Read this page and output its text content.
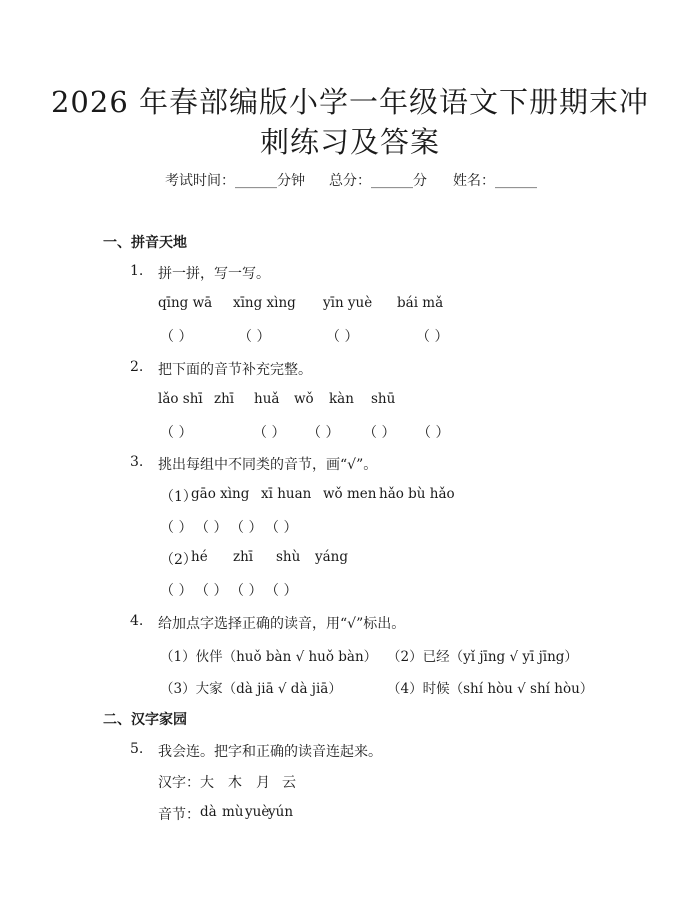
2026 年春部编版小学一年级语文下册期末冲
刺练习及答案
考试时间：______分钟 总分：______分 姓名：______
一、拼音天地
1. 拼一拼，写一写。
qīng wā xīng xìng yīn yuè bái mǎ
（ ）	（ ）	（ ）	（ ）
2. 把下面的音节补充完整。
lǎo shī zhī huǎ wǒ kàn shū
（ ）	（ ） （ ） （ ） （ ）
3. 挑出每组中不同类的音节，画“√”。
（1）
gāo xìng xī huan wǒ men hǎo bù hǎo
（ ） （ ） （ ） （ ）
（2）
hé zhī shù yáng
（ ） （ ） （ ） （ ）
4. 给加点字选择正确的读音，用“√”标出。
（1）伙伴（huǒ bàn √ huǒ bàn） （2）已经（yǐ jīng √ yī jīng）
（3）大家（dà jiā √ dà jiā）	（4）时候（shí hòu √ shí hòu）
二、汉字家园
5. 我会连。把字和正确的读音连起来。
汉字： 大 木 月 云
音节： dà mù yuè
yún
